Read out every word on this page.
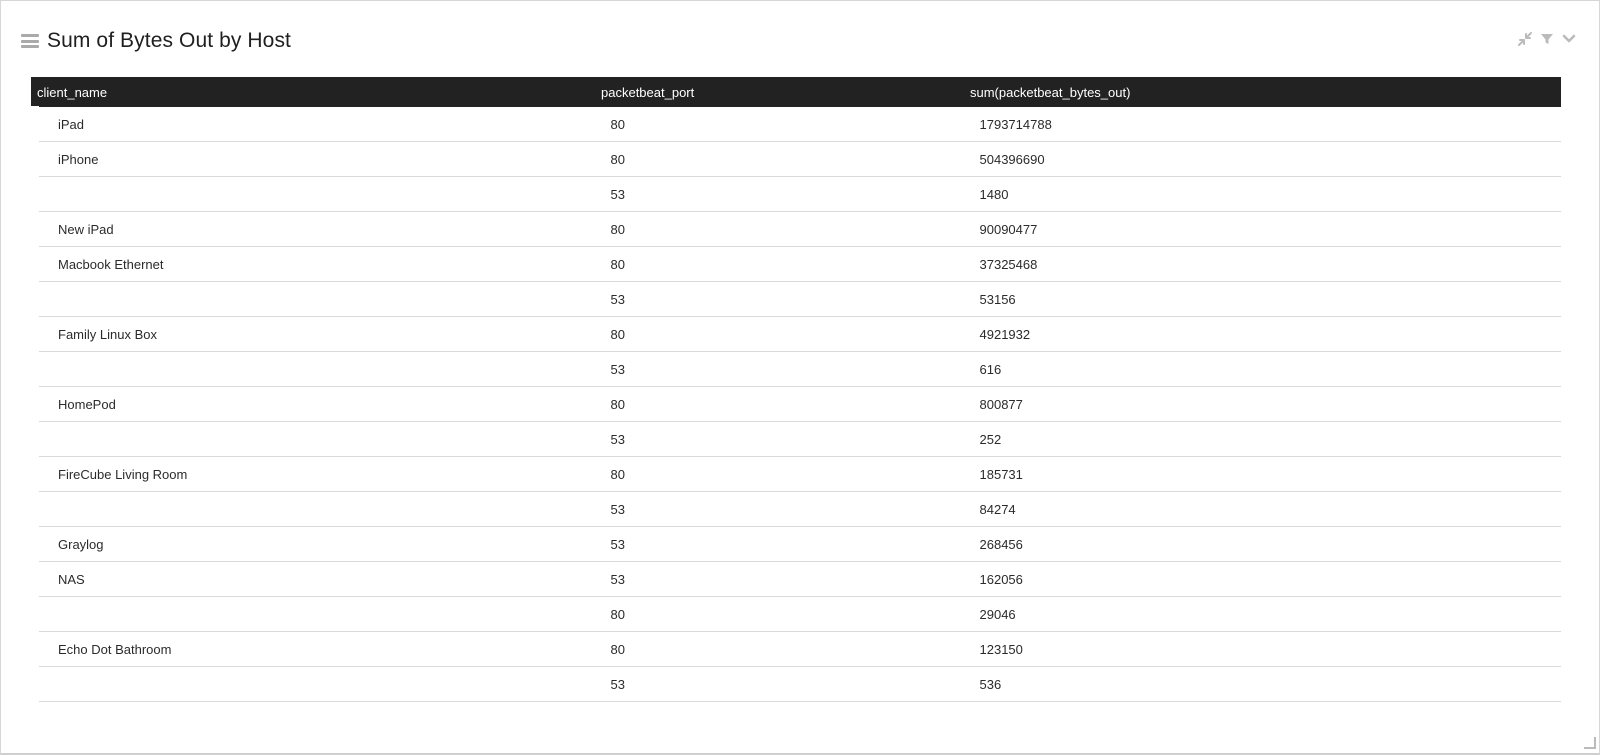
Sum of Bytes Out by Host
client_name	packetbeat_port	sum(packetbeat_bytes_out)
iPad	80	1793714788
iPhone	80	504396690
	53	1480
New iPad	80	90090477
Macbook Ethernet	80	37325468
	53	53156
Family Linux Box	80	4921932
	53	616
HomePod	80	800877
	53	252
FireCube Living Room	80	185731
	53	84274
Graylog	53	268456
NAS	53	162056
	80	29046
Echo Dot Bathroom	80	123150
	53	536
